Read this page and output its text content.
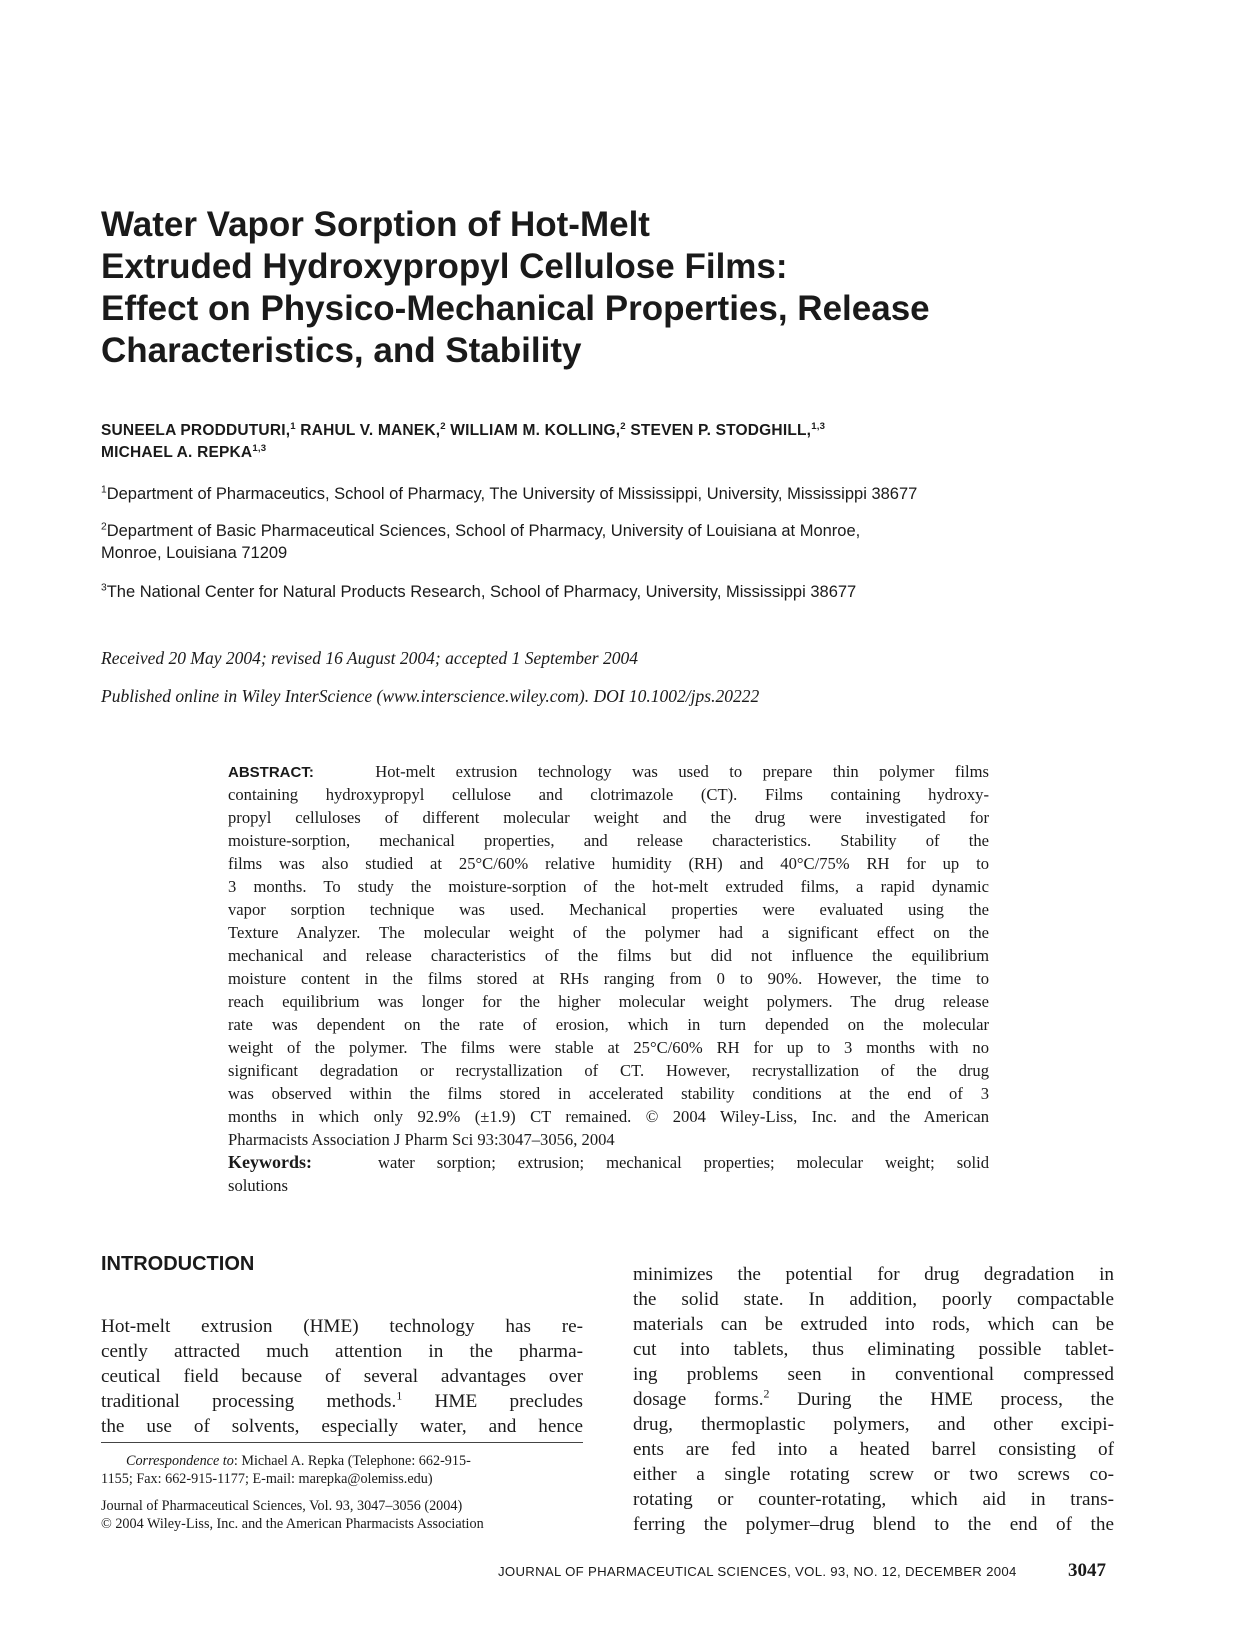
Water Vapor Sorption of Hot-Melt
Extruded Hydroxypropyl Cellulose Films:
Effect on Physico-Mechanical Properties, Release
Characteristics, and Stability
SUNEELA PRODDUTURI,$^1$ RAHUL V. MANEK,$^2$ WILLIAM M. KOLLING,$^2$ STEVEN P. STODGHILL,$^{1,3}$
MICHAEL A. REPKA$^{1,3}$
$^1$Department of Pharmaceutics, School of Pharmacy, The University of Mississippi, University, Mississippi 38677
$^2$Department of Basic Pharmaceutical Sciences, School of Pharmacy, University of Louisiana at Monroe,
Monroe, Louisiana 71209
$^3$The National Center for Natural Products Research, School of Pharmacy, University, Mississippi 38677
Received 20 May 2004; revised 16 August 2004; accepted 1 September 2004
Published online in Wiley InterScience (www.interscience.wiley.com). DOI 10.1002/jps.20222
ABSTRACT:	Hot-melt extrusion technology was used to prepare thin polymer films
containing hydroxypropyl cellulose and clotrimazole (CT). Films containing hydroxy-
propyl celluloses of different molecular weight and the drug were investigated for
moisture-sorption, mechanical properties, and release characteristics. Stability of the
films was also studied at 25°C/60% relative humidity (RH) and 40°C/75% RH for up to
3 months. To study the moisture-sorption of the hot-melt extruded films, a rapid dynamic
vapor sorption technique was used. Mechanical properties were evaluated using the
Texture Analyzer. The molecular weight of the polymer had a significant effect on the
mechanical and release characteristics of the films but did not influence the equilibrium
moisture content in the films stored at RHs ranging from 0 to 90%. However, the time to
reach equilibrium was longer for the higher molecular weight polymers. The drug release
rate was dependent on the rate of erosion, which in turn depended on the molecular
weight of the polymer. The films were stable at 25°C/60% RH for up to 3 months with no
significant degradation or recrystallization of CT. However, recrystallization of the drug
was observed within the films stored in accelerated stability conditions at the end of 3
months in which only 92.9% (±1.9) CT remained. © 2004 Wiley-Liss, Inc. and the American
Pharmacists Association J Pharm Sci 93:3047–3056, 2004
Keywords:	water sorption; extrusion; mechanical properties; molecular weight; solid
solutions
INTRODUCTION
Hot-melt extrusion (HME) technology has re-
cently attracted much attention in the pharma-
ceutical field because of several advantages over
traditional processing methods.$^1$ HME precludes
the use of solvents, especially water, and hence
minimizes the potential for drug degradation in
the solid state. In addition, poorly compactable
materials can be extruded into rods, which can be
cut into tablets, thus eliminating possible tablet-
ing problems seen in conventional compressed
dosage forms.$^2$ During the HME process, the
drug, thermoplastic polymers, and other excipi-
ents are fed into a heated barrel consisting of
either a single rotating screw or two screws co-
rotating or counter-rotating, which aid in trans-
ferring the polymer–drug blend to the end of the
Correspondence to: Michael A. Repka (Telephone: 662-915-
1155; Fax: 662-915-1177; E-mail: marepka@olemiss.edu)
Journal of Pharmaceutical Sciences, Vol. 93, 3047–3056 (2004)
© 2004 Wiley-Liss, Inc. and the American Pharmacists Association
JOURNAL OF PHARMACEUTICAL SCIENCES, VOL. 93, NO. 12, DECEMBER 2004	3047
